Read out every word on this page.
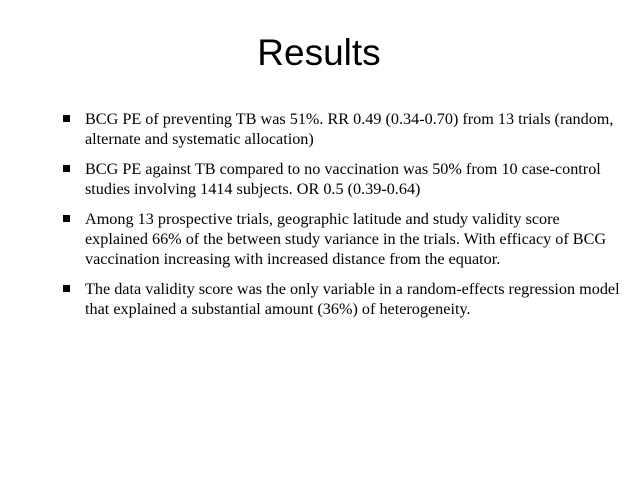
Results
BCG PE of preventing TB was 51%. RR 0.49 (0.34-0.70) from 13 trials (random, alternate and systematic allocation)
BCG PE against TB compared to no vaccination was 50% from 10 case-control studies involving 1414 subjects. OR 0.5 (0.39-0.64)
Among 13 prospective trials, geographic latitude and study validity score explained 66% of the between study variance in the trials. With efficacy of BCG vaccination increasing with increased distance from the equator.
The data validity score was the only variable in a random-effects regression model that explained a substantial amount (36%) of heterogeneity.
